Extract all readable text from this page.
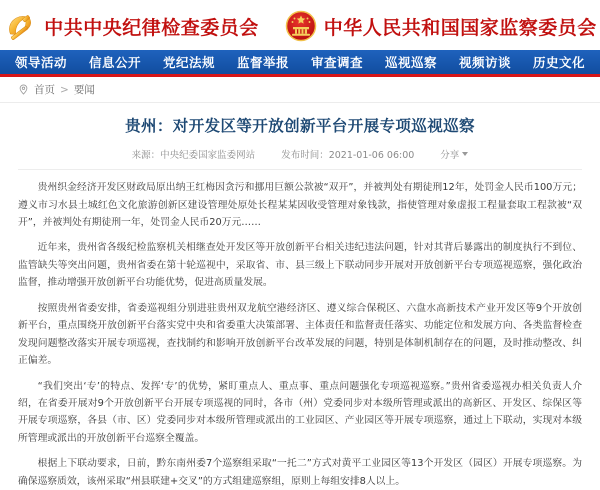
中共中央纪律检查委员会	中华人民共和国国家监察委员会
领导活动	信息公开	党纪法规	监督举报	审查调查	巡视巡察	视频访谈	历史文化
首页 > 要闻
贵州：对开发区等开放创新平台开展专项巡视巡察
来源：中央纪委国家监委网站	发布时间：2021-01-06 06:00	分享

贵州织金经济开发区财政局原出纳王红梅因贪污和挪用巨额公款被“双开”，并被判处有期徒刑12年，处罚金人民币100万元；遵义市习水县土城红色文化旅游创新区建设管理处原处长程某某因收受管理对象钱款，指使管理对象虚报工程量套取工程款被“双开”，并被判处有期徒刑一年，处罚金人民币20万元……

近年来，贵州省各级纪检监察机关相继查处开发区等开放创新平台相关违纪违法问题，针对其背后暴露出的制度执行不到位、监管缺失等突出问题，贵州省委在第十轮巡视中，采取省、市、县三级上下联动同步开展对开放创新平台专项巡视巡察，强化政治监督，推动增强开放创新平台功能优势，促进高质量发展。

按照贵州省委安排，省委巡视组分别进驻贵州双龙航空港经济区、遵义综合保税区、六盘水高新技术产业开发区等9个开放创新平台，重点围绕开放创新平台落实党中央和省委重大决策部署、主体责任和监督责任落实、功能定位和发展方向、各类监督检查发现问题整改落实开展专项巡视，查找制约和影响开放创新平台改革发展的问题，特别是体制机制存在的问题，及时推动整改、纠正偏差。

“我们突出‘专’的特点、发挥‘专’的优势，紧盯重点人、重点事、重点问题强化专项巡视巡察。”贵州省委巡视办相关负责人介绍，在省委开展对9个开放创新平台开展专项巡视的同时，各市（州）党委同步对本级所管理或派出的高新区、开发区、综保区等开展专项巡察，各县（市、区）党委同步对本级所管理或派出的工业园区、产业园区等开展专项巡察，通过上下联动，实现对本级所管理或派出的开放创新平台巡察全覆盖。

根据上下联动要求，日前，黔东南州委7个巡察组采取“一托二”方式对黄平工业园区等13个开发区（园区）开展专项巡察。为确保巡察质效，该州采取“州县联建+交叉”的方式组建巡察组，原则上每组安排8人以上。
